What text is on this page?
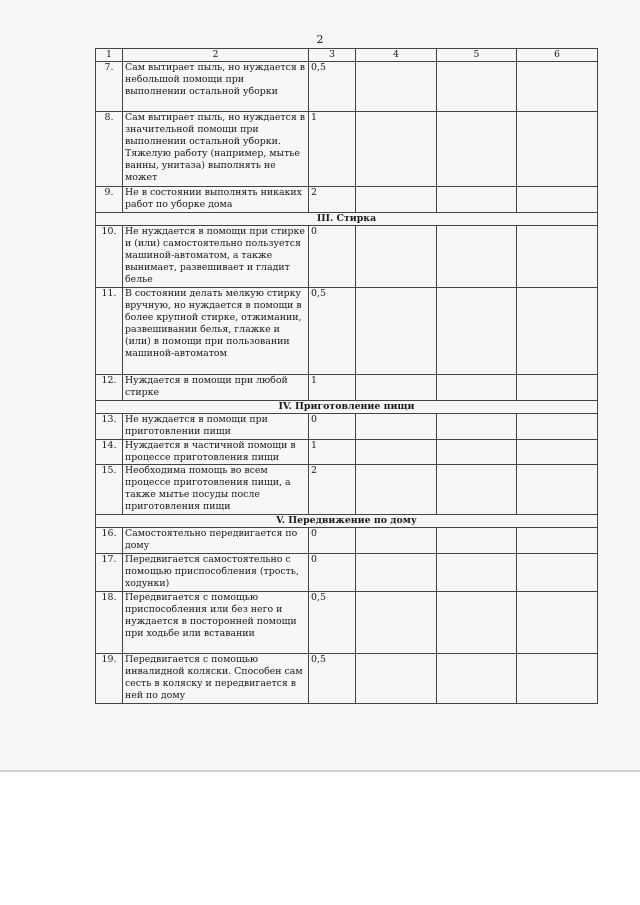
2
1	2	3	4	5	6
7.	Сам вытирает пыль, но нуждается в небольшой помощи при выполнении остальной уборки	0,5			
8.	Сам вытирает пыль, но нуждается в значительной помощи при выполнении остальной уборки. Тяжелую работу (например, мытье ванны, унитаза) выполнять не может	1			
9.	Не в состоянии выполнять никаких работ по уборке дома	2			
III. Стирка					
10.	Не нуждается в помощи при стирке и (или) самостоятельно пользуется машиной-автоматом, а также вынимает, развешивает и гладит белье	0			
11.	В состоянии делать мелкую стирку вручную, но нуждается в помощи в более крупной стирке, отжимании, развешивании белья, глажке и (или) в помощи при пользовании машиной-автоматом	0,5			
12.	Нуждается в помощи при любой стирке	1			
IV. Приготовление пищи					
13.	Не нуждается в помощи при приготовлении пищи	0			
14.	Нуждается в частичной помощи в процессе приготовления пищи	1			
15.	Необходима помощь во всем процессе приготовления пищи, а также мытье посуды после приготовления пищи	2			
V. Передвижение по дому					
16.	Самостоятельно передвигается по дому	0			
17.	Передвигается самостоятельно с помощью приспособления (трость, ходунки)	0			
18.	Передвигается с помощью приспособления или без него и нуждается в посторонней помощи при ходьбе или вставании	0,5			
19.	Передвигается с помощью инвалидной коляски. Способен сам сесть в коляску и передвигается в ней по дому	0,5			
